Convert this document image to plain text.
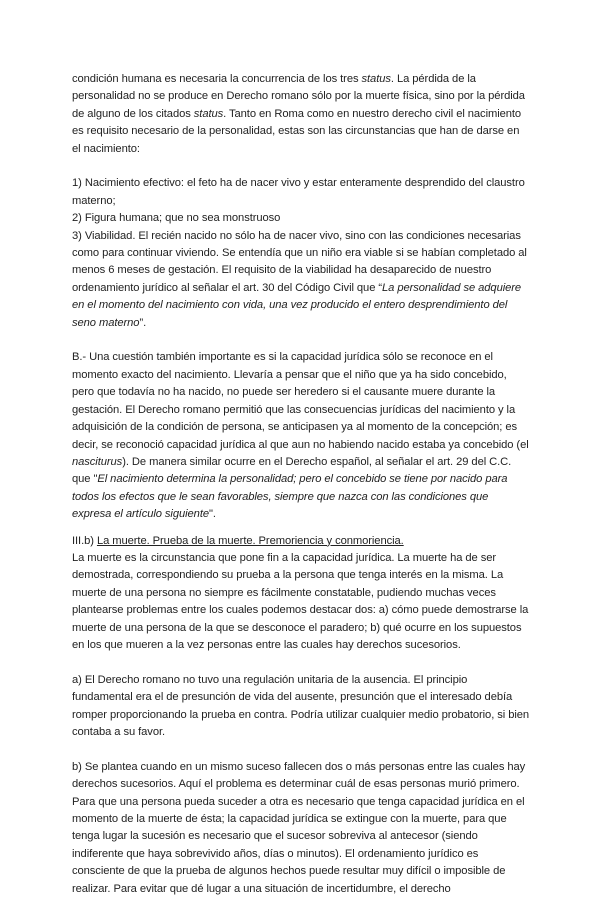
condición humana es necesaria la concurrencia de los tres status. La pérdida de la personalidad no se produce en Derecho romano sólo por la muerte física, sino por la pérdida de alguno de los citados status. Tanto en Roma como en nuestro derecho civil el nacimiento es requisito necesario de la personalidad, estas son las circunstancias que han de darse en el nacimiento:

1) Nacimiento efectivo: el feto ha de nacer vivo y estar enteramente desprendido del claustro materno;

2) Figura humana; que no sea monstruoso

3) Viabilidad. El recién nacido no sólo ha de nacer vivo, sino con las condiciones necesarias como para continuar viviendo. Se entendía que un niño era viable si se habían completado al menos 6 meses de gestación. El requisito de la viabilidad ha desaparecido de nuestro ordenamiento jurídico al señalar el art. 30 del Código Civil que “La personalidad se adquiere en el momento del nacimiento con vida, una vez producido el entero desprendimiento del seno materno”.

B.- Una cuestión también importante es si la capacidad jurídica sólo se reconoce en el momento exacto del nacimiento. Llevaría a pensar que el niño que ya ha sido concebido, pero que todavía no ha nacido, no puede ser heredero si el causante muere durante la gestación. El Derecho romano permitió que las consecuencias jurídicas del nacimiento y la adquisición de la condición de persona, se anticipasen ya al momento de la concepción; es decir, se reconoció capacidad jurídica al que aun no habiendo nacido estaba ya concebido (el nasciturus). De manera similar ocurre en el Derecho español, al señalar el art. 29 del C.C. que "El nacimiento determina la personalidad; pero el concebido se tiene por nacido para todos los efectos que le sean favorables, siempre que nazca con las condiciones que expresa el artículo siguiente".

III.b) La muerte. Prueba de la muerte. Premoriencia y conmoriencia.

La muerte es la circunstancia que pone fin a la capacidad jurídica. La muerte ha de ser demostrada, correspondiendo su prueba a la persona que tenga interés en la misma. La muerte de una persona no siempre es fácilmente constatable, pudiendo muchas veces plantearse problemas entre los cuales podemos destacar dos: a) cómo puede demostrarse la muerte de una persona de la que se desconoce el paradero; b) qué ocurre en los supuestos en los que mueren a la vez personas entre las cuales hay derechos sucesorios.

a) El Derecho romano no tuvo una regulación unitaria de la ausencia. El principio fundamental era el de presunción de vida del ausente, presunción que el interesado debía romper proporcionando la prueba en contra. Podría utilizar cualquier medio probatorio, si bien contaba a su favor.

b) Se plantea cuando en un mismo suceso fallecen dos o más personas entre las cuales hay derechos sucesorios. Aquí el problema es determinar cuál de esas personas murió primero. Para que una persona pueda suceder a otra es necesario que tenga capacidad jurídica en el momento de la muerte de ésta; la capacidad jurídica se extingue con la muerte, para que tenga lugar la sucesión es necesario que el sucesor sobreviva al antecesor (siendo indiferente que haya sobrevivido años, días o minutos). El ordenamiento jurídico es consciente de que la prueba de algunos hechos puede resultar muy difícil o imposible de realizar. Para evitar que dé lugar a una situación de incertidumbre, el derecho
